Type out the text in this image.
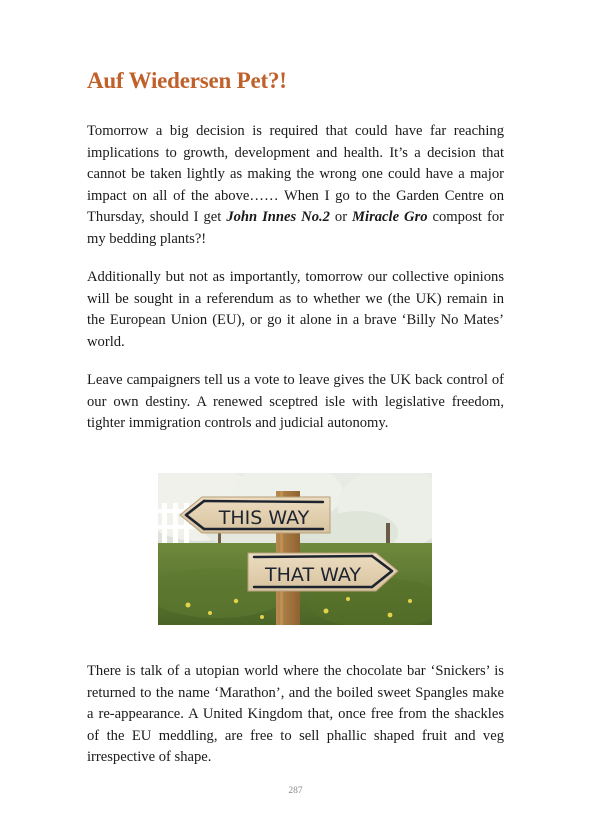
Auf Wiedersen Pet?!

Tomorrow a big decision is required that could have far reaching implications to growth, development and health. It’s a decision that cannot be taken lightly as making the wrong one could have a major impact on all of the above…… When I go to the Garden Centre on Thursday, should I get John Innes No.2 or Miracle Gro compost for my bedding plants?!

Additionally but not as importantly, tomorrow our collective opinions will be sought in a referendum as to whether we (the UK) remain in the European Union (EU), or go it alone in a brave ‘Billy No Mates’ world.

Leave campaigners tell us a vote to leave gives the UK back control of our own destiny. A renewed sceptred isle with legislative freedom, tighter immigration controls and judicial autonomy.

THIS WAY
THAT WAY

There is talk of a utopian world where the chocolate bar ‘Snickers’ is returned to the name ‘Marathon’, and the boiled sweet Spangles make a re-appearance. A United Kingdom that, once free from the shackles of the EU meddling, are free to sell phallic shaped fruit and veg irrespective of shape.

287
